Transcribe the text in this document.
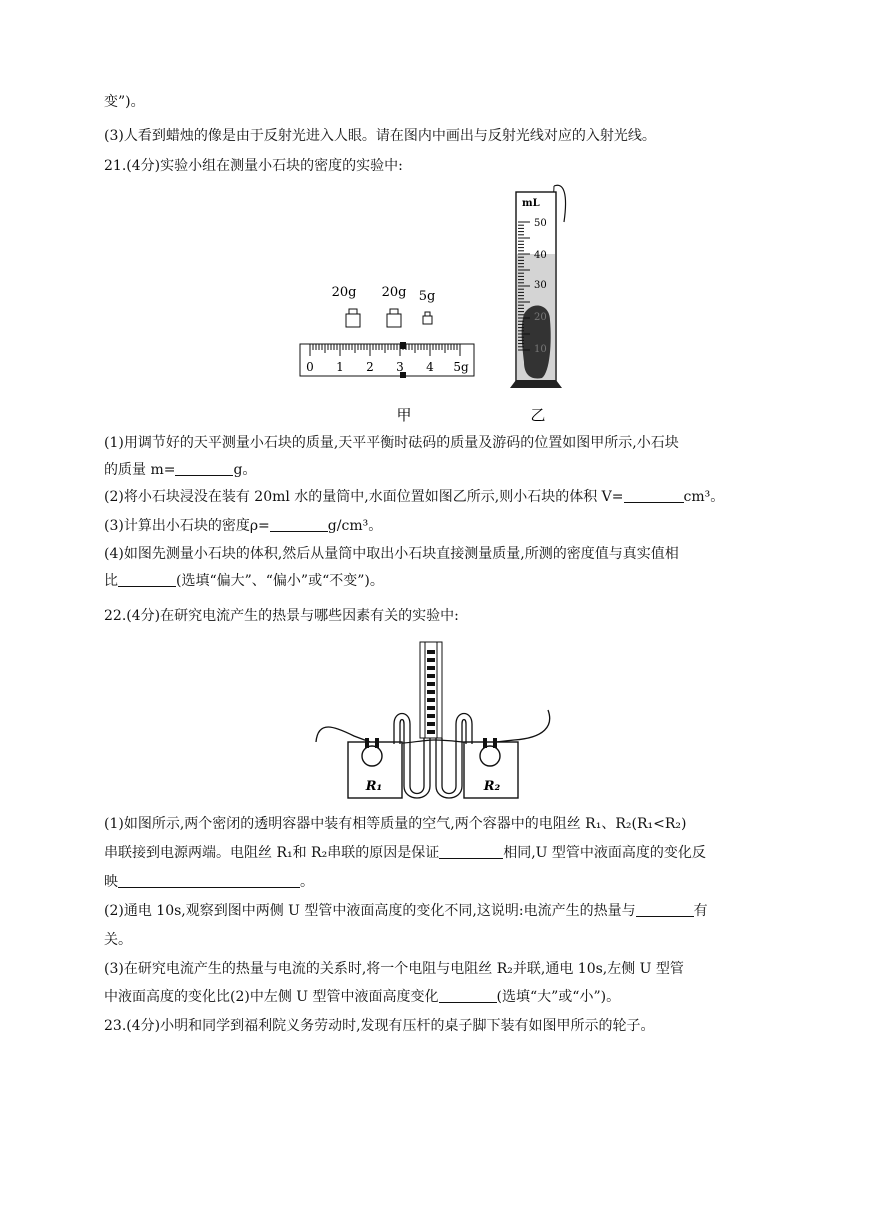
变”)。
(3)人看到蜡烛的像是由于反射光进入人眼。请在图内中画出与反射光线对应的入射光线。
21.(4分)实验小组在测量小石块的密度的实验中:
20g 20g 5g
0 1 2 3 4 5g
甲
mL
50
40
30
20
10
乙
(1)用调节好的天平测量小石块的质量,天平平衡时砝码的质量及游码的位置如图甲所示,小石块
的质量 m=	g。
(2)将小石块浸没在装有 20ml 水的量筒中,水面位置如图乙所示,则小石块的体积 V=	cm³。
(3)计算出小石块的密度ρ=	g/cm³。
(4)如图先测量小石块的体积,然后从量筒中取出小石块直接测量质量,所测的密度值与真实值相
比	(选填“偏大”、“偏小”或“不变”)。
22.(4分)在研究电流产生的热景与哪些因素有关的实验中:
R₁	R₂
(1)如图所示,两个密闭的透明容器中装有相等质量的空气,两个容器中的电阻丝 R₁、R₂(R₁<R₂)
串联接到电源两端。电阻丝 R₁和 R₂串联的原因是保证	相同,U 型管中液面高度的变化反
映	。
(2)通电 10s,观察到图中两侧 U 型管中液面高度的变化不同,这说明:电流产生的热量与	有
关。
(3)在研究电流产生的热量与电流的关系时,将一个电阻与电阻丝 R₂并联,通电 10s,左侧 U 型管
中液面高度的变化比(2)中左侧 U 型管中液面高度变化	(选填“大”或“小”)。
23.(4分)小明和同学到福利院义务劳动时,发现有压杆的桌子脚下装有如图甲所示的轮子。
